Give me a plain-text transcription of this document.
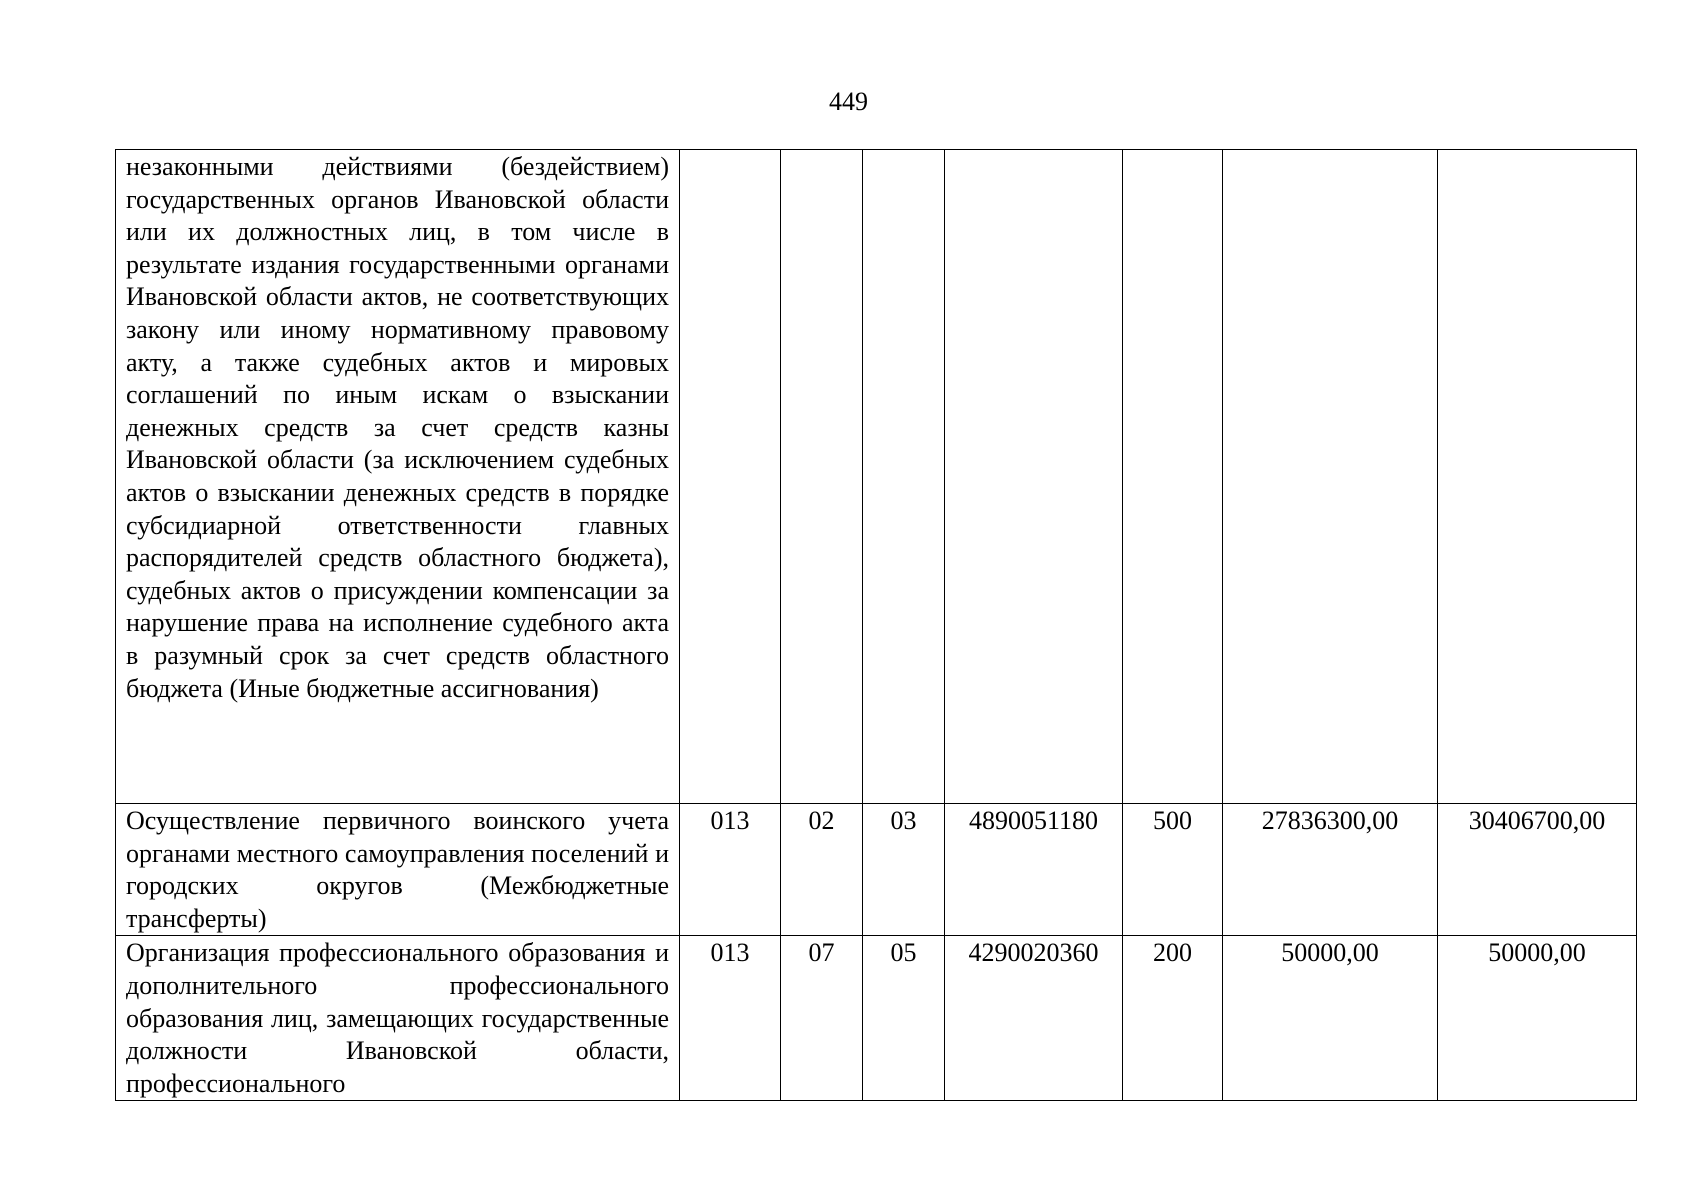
449
незаконными действиями (бездействием) государственных органов Ивановской области или их должностных лиц, в том числе в результате издания государственными органами Ивановской области актов, не соответствующих закону или иному нормативному правовому акту, а также судебных актов и мировых соглашений по иным искам о взыскании денежных средств за счет средств казны Ивановской области (за исключением судебных актов о взыскании денежных средств в порядке субсидиарной ответственности главных распорядителей средств областного бюджета), судебных актов о присуждении компенсации за нарушение права на исполнение судебного акта в разумный срок за счет средств областного бюджета (Иные бюджетные ассигнования)							
Осуществление первичного воинского учета органами местного самоуправления поселений и городских округов (Межбюджетные трансферты)	013	02	03	4890051180	500	27836300,00	30406700,00
Организация профессионального образования и дополнительного профессионального образования лиц, замещающих государственные должности Ивановской области, профессионального	013	07	05	4290020360	200	50000,00	50000,00
